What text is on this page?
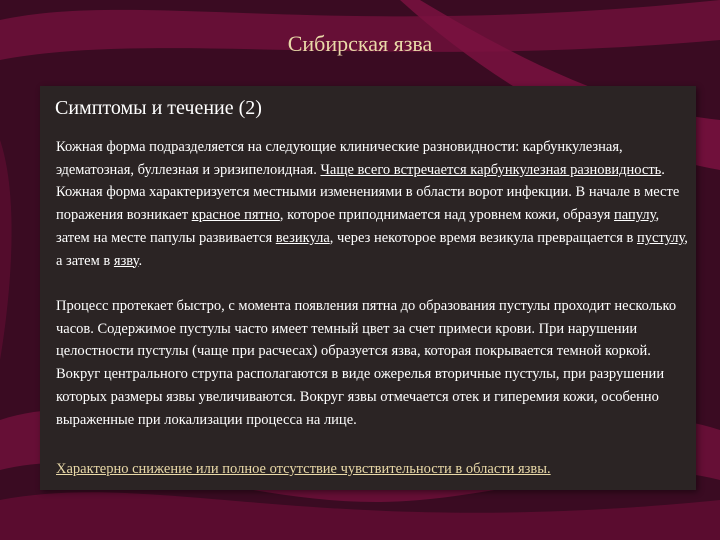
Сибирская язва
Симптомы и течение (2)

Кожная форма подразделяется на следующие клинические разновидности: карбункулезная, эдематозная, буллезная и эризипелоидная. Чаще всего встречается карбункулезная разновидность. Кожная форма характеризуется местными изменениями в области ворот инфекции. В начале в месте поражения возникает красное пятно, которое приподнимается над уровнем кожи, образуя папулу, затем на месте папулы развивается везикула, через некоторое время везикула превращается в пустулу, а затем в язву.

Процесс протекает быстро, с момента появления пятна до образования пустулы проходит несколько часов. Содержимое пустулы часто имеет темный цвет за счет примеси крови. При нарушении целостности пустулы (чаще при расчесах) образуется язва, которая покрывается темной коркой. Вокруг центрального струпа располагаются в виде ожерелья вторичные пустулы, при разрушении которых размеры язвы увеличиваются. Вокруг язвы отмечается отек и гиперемия кожи, особенно выраженные при локализации процесса на лице.

Характерно снижение или полное отсутствие чувствительности в области язвы.
